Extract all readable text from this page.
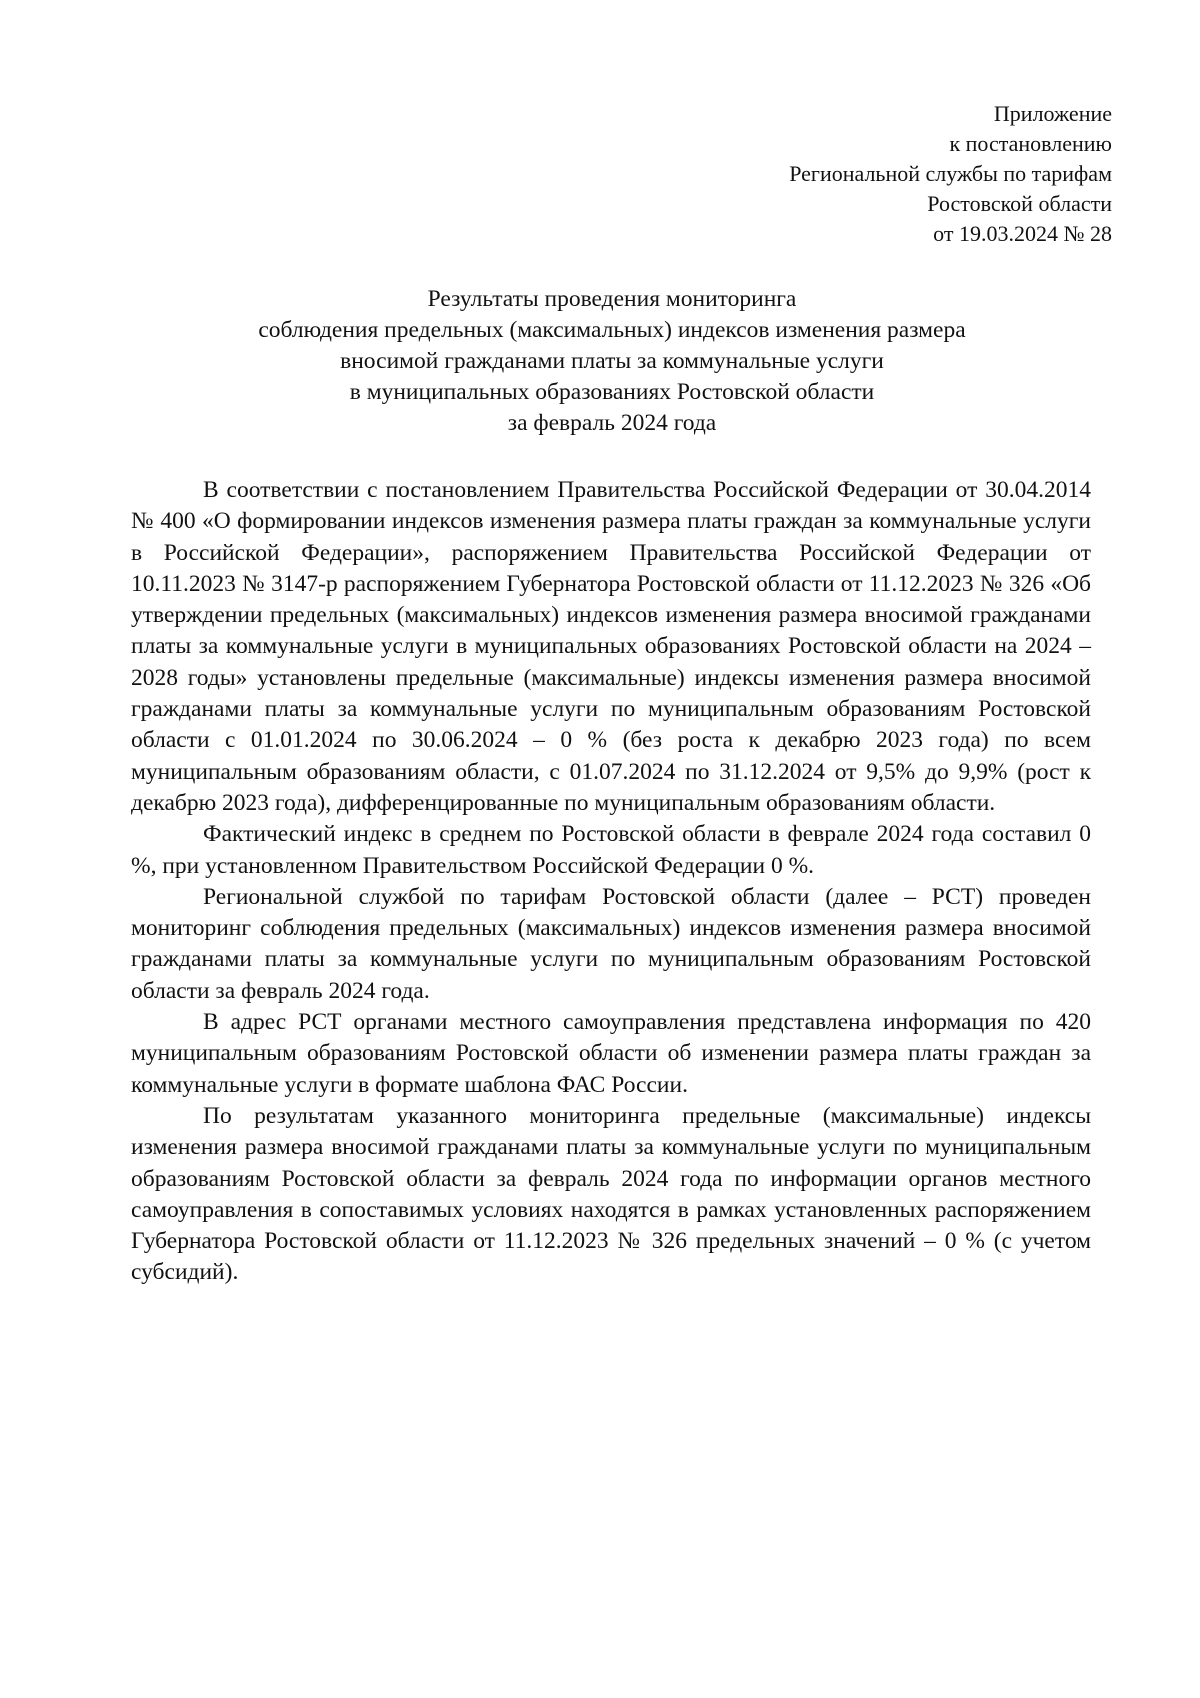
Приложение
к постановлению
Региональной службы по тарифам
Ростовской области
от 19.03.2024 № 28
Результаты проведения мониторинга
соблюдения предельных (максимальных) индексов изменения размера
вносимой гражданами платы за коммунальные услуги
в муниципальных образованиях Ростовской области
за февраль 2024 года

В соответствии с постановлением Правительства Российской Федерации от 30.04.2014 № 400 «О формировании индексов изменения размера платы граждан за коммунальные услуги в Российской Федерации», распоряжением Правительства Российской Федерации от 10.11.2023 № 3147-р распоряжением Губернатора Ростовской области от 11.12.2023 № 326 «Об утверждении предельных (максимальных) индексов изменения размера вносимой гражданами платы за коммунальные услуги в муниципальных образованиях Ростовской области на 2024 – 2028 годы» установлены предельные (максимальные) индексы изменения размера вносимой гражданами платы за коммунальные услуги по муниципальным образованиям Ростовской области с 01.01.2024 по 30.06.2024 – 0 % (без роста к декабрю 2023 года) по всем муниципальным образованиям области, с 01.07.2024 по 31.12.2024 от 9,5% до 9,9% (рост к декабрю 2023 года), дифференцированные по муниципальным образованиям области.

Фактический индекс в среднем по Ростовской области в феврале 2024 года составил 0 %, при установленном Правительством Российской Федерации 0 %.

Региональной службой по тарифам Ростовской области (далее – РСТ) проведен мониторинг соблюдения предельных (максимальных) индексов изменения размера вносимой гражданами платы за коммунальные услуги по муниципальным образованиям Ростовской области за февраль 2024 года.

В адрес РСТ органами местного самоуправления представлена информация по 420 муниципальным образованиям Ростовской области об изменении размера платы граждан за коммунальные услуги в формате шаблона ФАС России.

По результатам указанного мониторинга предельные (максимальные) индексы изменения размера вносимой гражданами платы за коммунальные услуги по муниципальным образованиям Ростовской области за февраль 2024 года по информации органов местного самоуправления в сопоставимых условиях находятся в рамках установленных распоряжением Губернатора Ростовской области от 11.12.2023 № 326 предельных значений – 0 % (с учетом субсидий).
